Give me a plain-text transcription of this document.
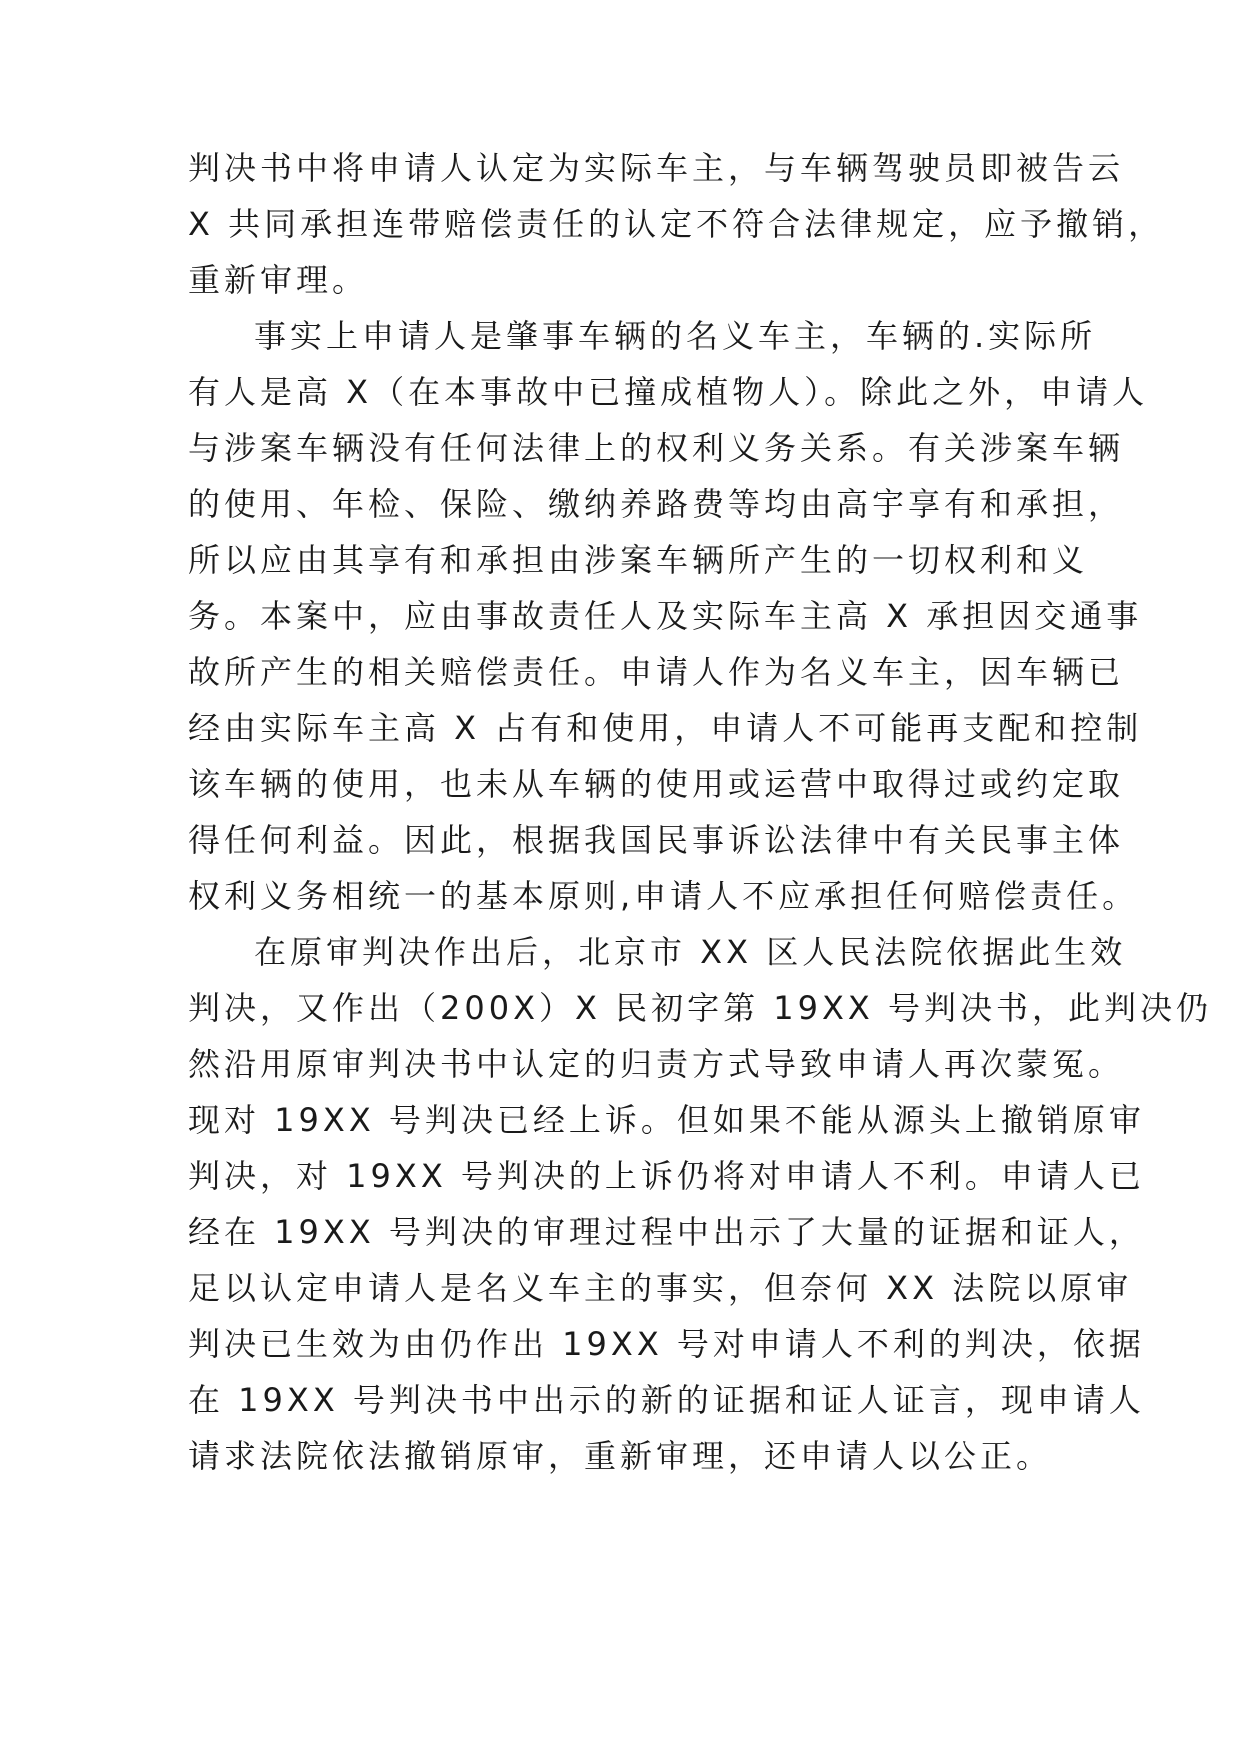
判决书中将申请人认定为实际车主，与车辆驾驶员即被告云
X 共同承担连带赔偿责任的认定不符合法律规定，应予撤销，
重新审理。
事实上申请人是肇事车辆的名义车主，车辆的.实际所
有人是高 X（在本事故中已撞成植物人）。除此之外，申请人
与涉案车辆没有任何法律上的权利义务关系。有关涉案车辆
的使用、年检、保险、缴纳养路费等均由高宇享有和承担，
所以应由其享有和承担由涉案车辆所产生的一切权利和义
务。本案中，应由事故责任人及实际车主高 X 承担因交通事
故所产生的相关赔偿责任。申请人作为名义车主，因车辆已
经由实际车主高 X 占有和使用，申请人不可能再支配和控制
该车辆的使用，也未从车辆的使用或运营中取得过或约定取
得任何利益。因此，根据我国民事诉讼法律中有关民事主体
权利义务相统一的基本原则,申请人不应承担任何赔偿责任。
在原审判决作出后，北京市 XX 区人民法院依据此生效
判决，又作出（200X）X 民初字第 19XX 号判决书，此判决仍
然沿用原审判决书中认定的归责方式导致申请人再次蒙冤。
现对 19XX 号判决已经上诉。但如果不能从源头上撤销原审
判决，对 19XX 号判决的上诉仍将对申请人不利。申请人已
经在 19XX 号判决的审理过程中出示了大量的证据和证人，
足以认定申请人是名义车主的事实，但奈何 XX 法院以原审
判决已生效为由仍作出 19XX 号对申请人不利的判决，依据
在 19XX 号判决书中出示的新的证据和证人证言，现申请人
请求法院依法撤销原审，重新审理，还申请人以公正。
